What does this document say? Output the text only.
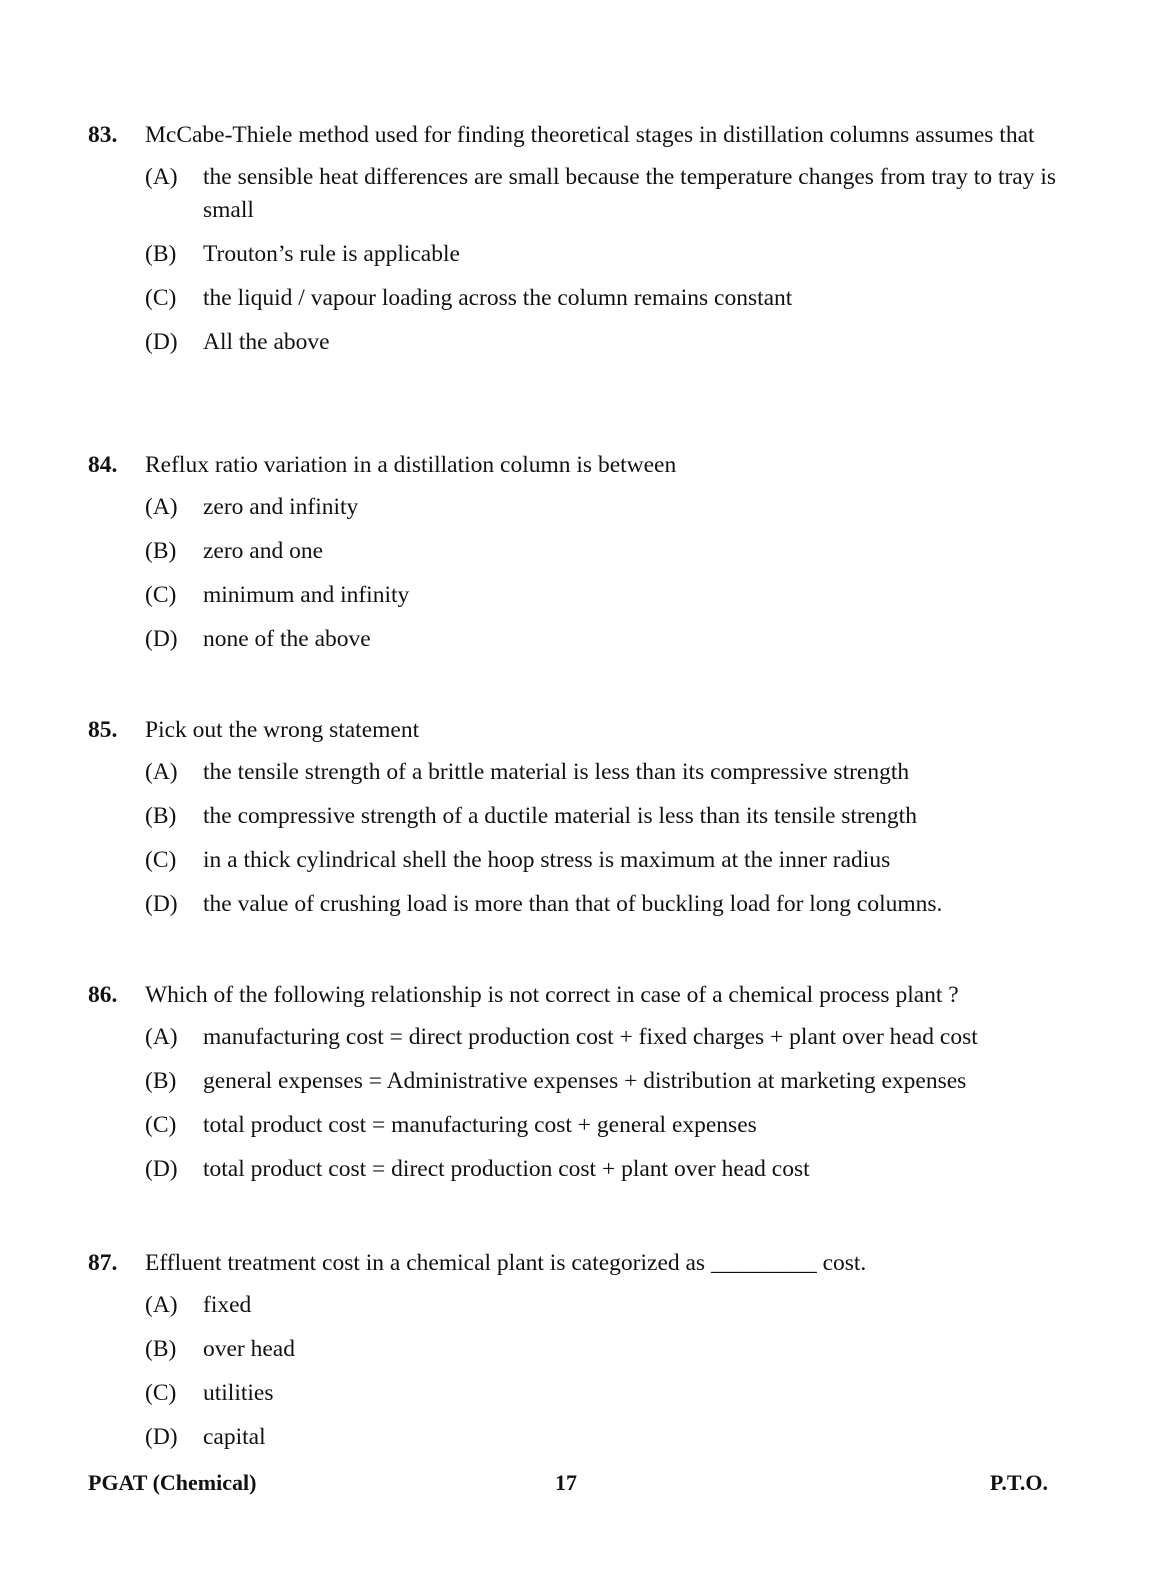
83. McCabe-Thiele method used for finding theoretical stages in distillation columns assumes that
(A) the sensible heat differences are small because the temperature changes from tray to tray is small
(B) Trouton’s rule is applicable
(C) the liquid / vapour loading across the column remains constant
(D) All the above
84. Reflux ratio variation in a distillation column is between
(A) zero and infinity
(B) zero and one
(C) minimum and infinity
(D) none of the above
85. Pick out the wrong statement
(A) the tensile strength of a brittle material is less than its compressive strength
(B) the compressive strength of a ductile material is less than its tensile strength
(C) in a thick cylindrical shell the hoop stress is maximum at the inner radius
(D) the value of crushing load is more than that of buckling load for long columns.
86. Which of the following relationship is not correct in case of a chemical process plant ?
(A) manufacturing cost = direct production cost + fixed charges + plant over head cost
(B) general expenses = Administrative expenses + distribution at marketing expenses
(C) total product cost = manufacturing cost + general expenses
(D) total product cost = direct production cost + plant over head cost
87. Effluent treatment cost in a chemical plant is categorized as _________ cost.
(A) fixed
(B) over head
(C) utilities
(D) capital
PGAT (Chemical)	17	P.T.O.
